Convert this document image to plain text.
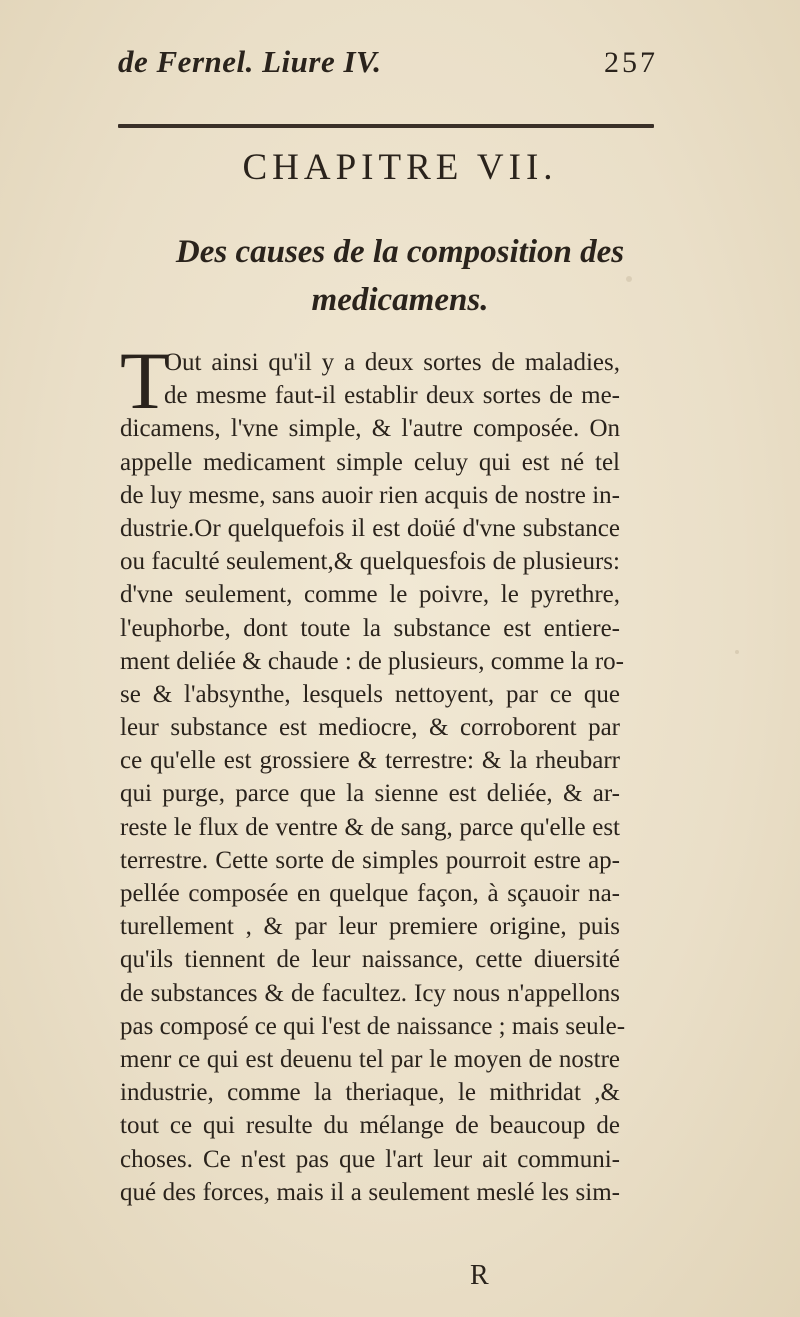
de Fernel. Liure IV.	257
CHAPITRE VII.
Des causes de la composition des
medicamens.
T
Out ainsi qu'il y a deux sortes de maladies,
de mesme faut-il establir deux sortes de me-
dicamens, l'vne simple, & l'autre composée. On
appelle medicament simple celuy qui est né tel
de luy mesme, sans auoir rien acquis de nostre in-
dustrie.Or quelquefois il est doüé d'vne substance
ou faculté seulement,& quelquesfois de plusieurs:
d'vne seulement, comme le poivre, le pyrethre,
l'euphorbe, dont toute la substance est entiere-
ment deliée & chaude : de plusieurs, comme la ro-
se & l'absynthe, lesquels nettoyent, par ce que
leur substance est mediocre, & corroborent par
ce qu'elle est grossiere & terrestre: & la rheubarr
qui purge, parce que la sienne est deliée, & ar-
reste le flux de ventre & de sang, parce qu'elle est
terrestre. Cette sorte de simples pourroit estre ap-
pellée composée en quelque façon, à sçauoir na-
turellement , & par leur premiere origine, puis
qu'ils tiennent de leur naissance, cette diuersité
de substances & de facultez. Icy nous n'appellons
pas composé ce qui l'est de naissance ; mais seule-
menr ce qui est deuenu tel par le moyen de nostre
industrie, comme la theriaque, le mithridat ,&
tout ce qui resulte du mélange de beaucoup de
choses. Ce n'est pas que l'art leur ait communi-
qué des forces, mais il a seulement meslé les sim-
R
